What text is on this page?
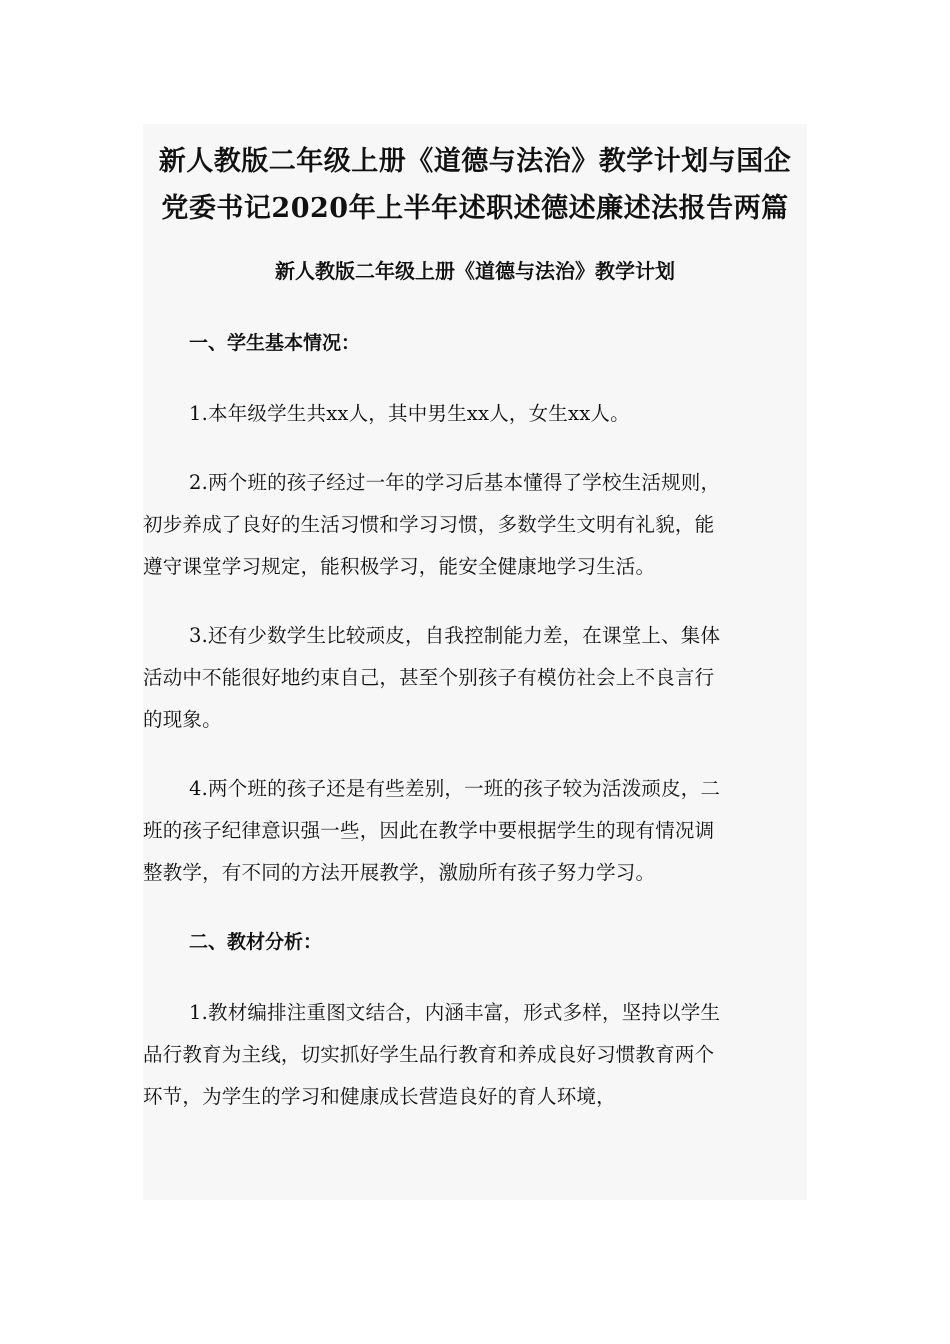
新人教版二年级上册《道德与法治》教学计划与国企
党委书记2020年上半年述职述德述廉述法报告两篇
新人教版二年级上册《道德与法治》教学计划
一、学生基本情况：

1.本年级学生共xx人，其中男生xx人，女生xx人。

2.两个班的孩子经过一年的学习后基本懂得了学校生活规则，
初步养成了良好的生活习惯和学习习惯，多数学生文明有礼貌，能
遵守课堂学习规定，能积极学习，能安全健康地学习生活。

3.还有少数学生比较顽皮，自我控制能力差，在课堂上、集体
活动中不能很好地约束自己，甚至个别孩子有模仿社会上不良言行
的现象。

4.两个班的孩子还是有些差别，一班的孩子较为活泼顽皮，二
班的孩子纪律意识强一些，因此在教学中要根据学生的现有情况调
整教学，有不同的方法开展教学，激励所有孩子努力学习。

二、教材分析：

1.教材编排注重图文结合，内涵丰富，形式多样，坚持以学生
品行教育为主线，切实抓好学生品行教育和养成良好习惯教育两个
环节，为学生的学习和健康成长营造良好的育人环境，
